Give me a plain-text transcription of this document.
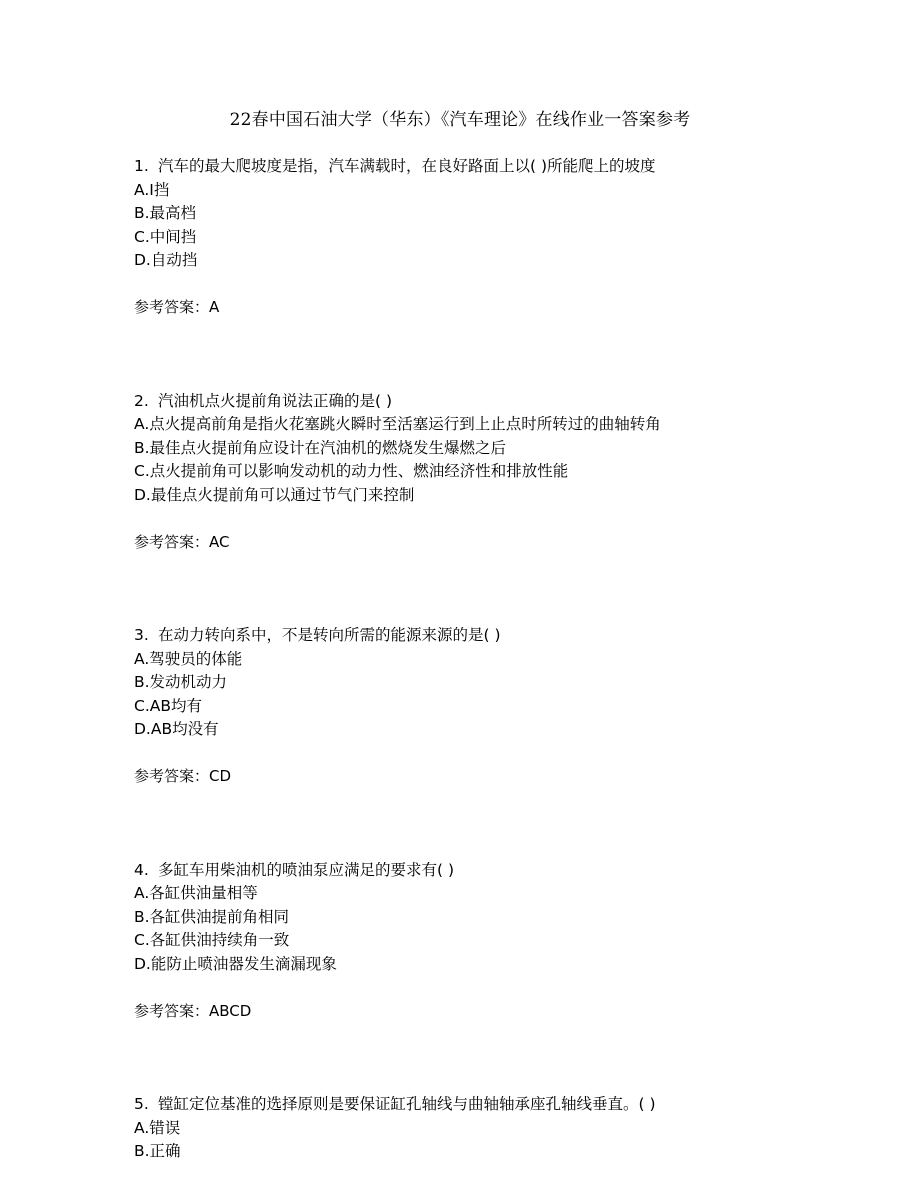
22春中国石油大学（华东）《汽车理论》在线作业一答案参考
1. 汽车的最大爬坡度是指，汽车满载时，在良好路面上以( )所能爬上的坡度
A.Ⅰ挡
B.最高档
C.中间挡
D.自动挡
参考答案：A
2. 汽油机点火提前角说法正确的是( )
A.点火提高前角是指火花塞跳火瞬时至活塞运行到上止点时所转过的曲轴转角
B.最佳点火提前角应设计在汽油机的燃烧发生爆燃之后
C.点火提前角可以影响发动机的动力性、燃油经济性和排放性能
D.最佳点火提前角可以通过节气门来控制
参考答案：AC
3. 在动力转向系中，不是转向所需的能源来源的是( )
A.驾驶员的体能
B.发动机动力
C.AB均有
D.AB均没有
参考答案：CD
4. 多缸车用柴油机的喷油泵应满足的要求有( )
A.各缸供油量相等
B.各缸供油提前角相同
C.各缸供油持续角一致
D.能防止喷油器发生滴漏现象
参考答案：ABCD
5. 镗缸定位基准的选择原则是要保证缸孔轴线与曲轴轴承座孔轴线垂直。( )
A.错误
B.正确
